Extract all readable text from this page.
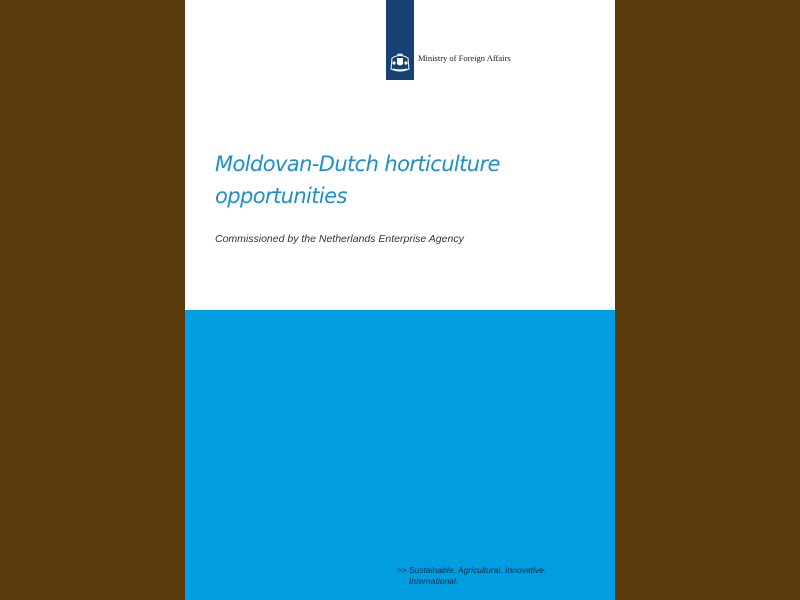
Ministry of Foreign Affairs
Moldovan-Dutch horticulture
opportunities
Commissioned by the Netherlands Enterprise Agency
>> Sustainable. Agricultural. Innovative.
International.
